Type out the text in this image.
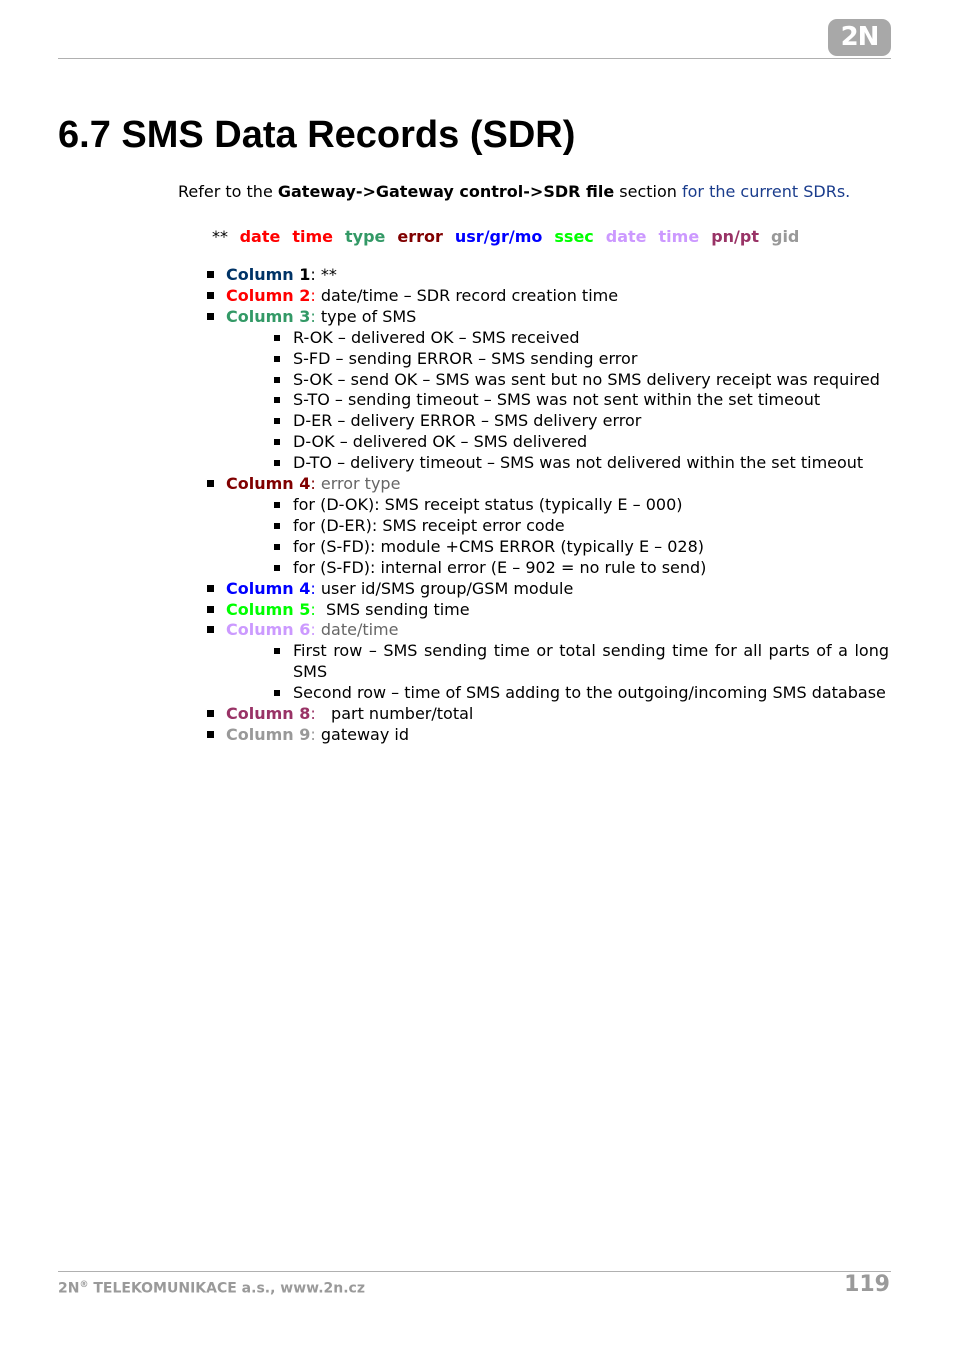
2N
6.7 SMS Data Records (SDR)
Refer to the Gateway->Gateway control->SDR file section for the current SDRs.
** date time type error usr/gr/mo ssec date time pn/pt gid
Column 1: **
Column 2: date/time – SDR record creation time
Column 3: type of SMS
R-OK – delivered OK – SMS received
S-FD – sending ERROR – SMS sending error
S-OK – send OK – SMS was sent but no SMS delivery receipt was required
S-TO – sending timeout – SMS was not sent within the set timeout
D-ER – delivery ERROR – SMS delivery error
D-OK – delivered OK – SMS delivered
D-TO – delivery timeout – SMS was not delivered within the set timeout
Column 4: error type
for (D-OK): SMS receipt status (typically E – 000)
for (D-ER): SMS receipt error code
for (S-FD): module +CMS ERROR (typically E – 028)
for (S-FD): internal error (E – 902 = no rule to send)
Column 4: user id/SMS group/GSM module
Column 5:  SMS sending time
Column 6: date/time
First row – SMS sending time or total sending time for all parts of a long SMS
Second row – time of SMS adding to the outgoing/incoming SMS database
Column 8:   part number/total
Column 9: gateway id
2N® TELEKOMUNIKACE a.s., www.2n.cz	119
